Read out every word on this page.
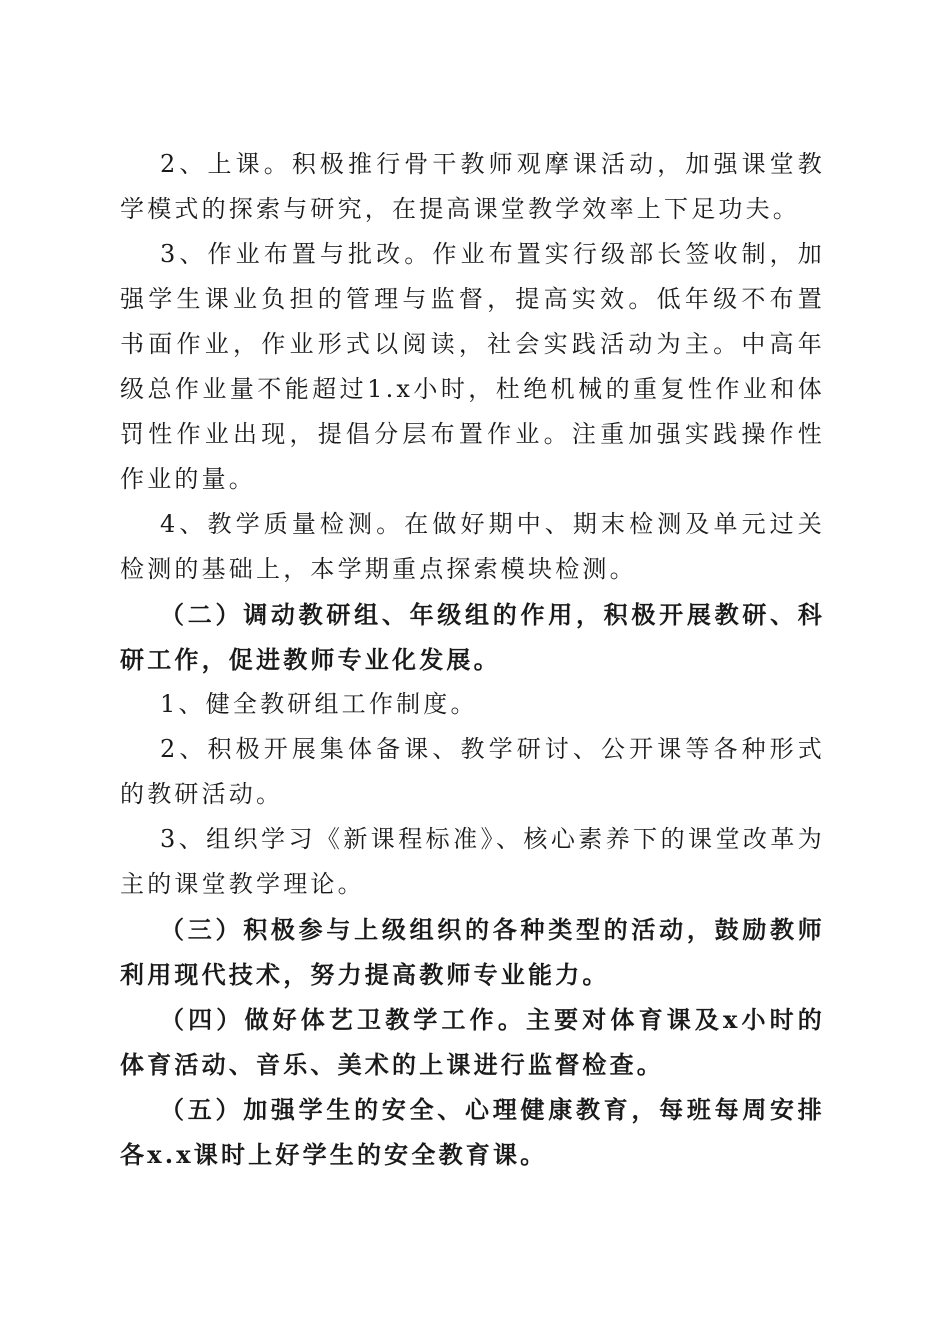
2、上课。积极推行骨干教师观摩课活动，加强课堂教学模式的探索与研究，在提高课堂教学效率上下足功夫。

3、作业布置与批改。作业布置实行级部长签收制，加强学生课业负担的管理与监督，提高实效。低年级不布置书面作业，作业形式以阅读，社会实践活动为主。中高年级总作业量不能超过1.x小时，杜绝机械的重复性作业和体罚性作业出现，提倡分层布置作业。注重加强实践操作性作业的量。

4、教学质量检测。在做好期中、期末检测及单元过关检测的基础上，本学期重点探索模块检测。

（二）调动教研组、年级组的作用，积极开展教研、科研工作，促进教师专业化发展。

1、健全教研组工作制度。

2、积极开展集体备课、教学研讨、公开课等各种形式的教研活动。

3、组织学习《新课程标准》、核心素养下的课堂改革为主的课堂教学理论。

（三）积极参与上级组织的各种类型的活动，鼓励教师利用现代技术，努力提高教师专业能力。

（四）做好体艺卫教学工作。主要对体育课及x小时的体育活动、音乐、美术的上课进行监督检查。

（五）加强学生的安全、心理健康教育，每班每周安排各x.x课时上好学生的安全教育课。
